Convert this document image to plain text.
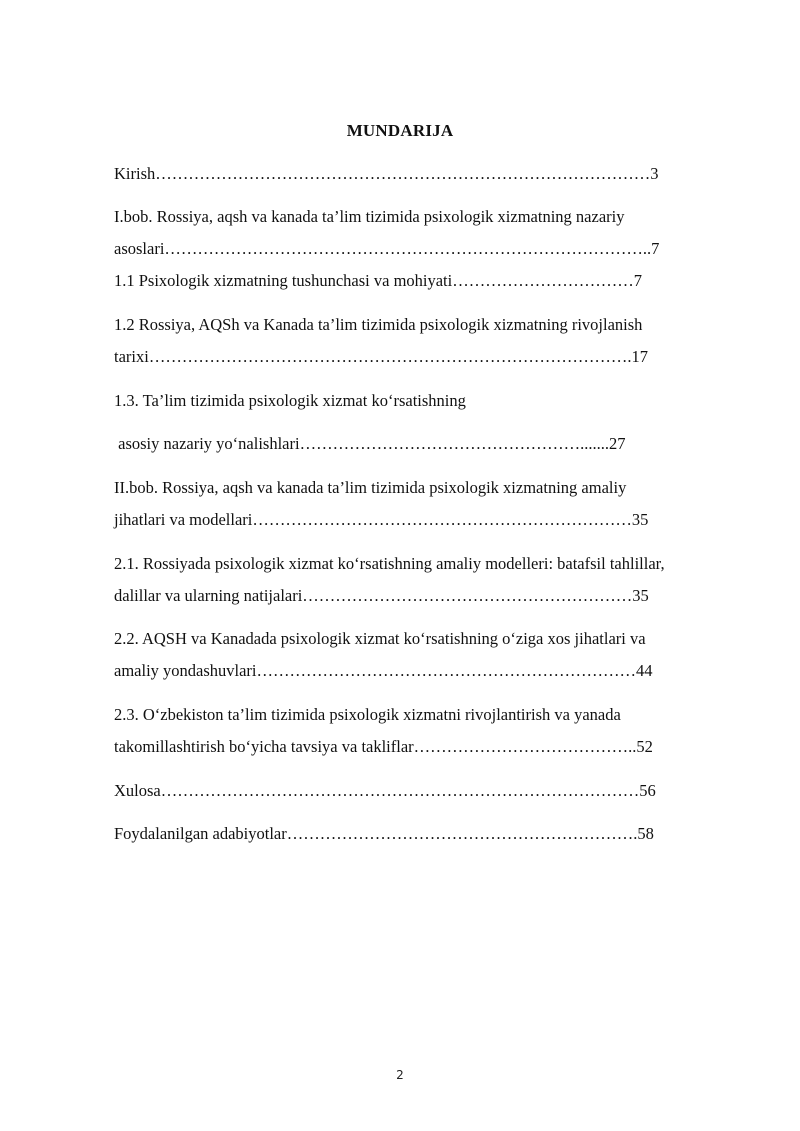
MUNDARIJA
Kirish………………………………………………………………………………3
I.bob. Rossiya, aqsh va kanada ta’lim tizimida psixologik xizmatning nazariy
asoslari……………………………………………………………………………..7
1.1 Psixologik xizmatning tushunchasi va mohiyati……………………………7
1.2 Rossiya, AQSh va Kanada ta’lim tizimida psixologik xizmatning rivojlanish
tarixi…………………………………………………………………………….17
1.3. Ta’lim tizimida psixologik xizmat ko‘rsatishning
asosiy nazariy yo‘nalishlari…………………………………………….......27
II.bob. Rossiya, aqsh va kanada ta’lim tizimida psixologik xizmatning amaliy
jihatlari va modellari……………………………………………………………35
2.1. Rossiyada psixologik xizmat ko‘rsatishning amaliy modelleri: batafsil tahlillar,
dalillar va ularning natijalari……………………………………………………35
2.2. AQSH va Kanadada psixologik xizmat ko‘rsatishning o‘ziga xos jihatlari va
amaliy yondashuvlari……………………………………………………………44
2.3. O‘zbekiston ta’lim tizimida psixologik xizmatni rivojlantirish va yanada
takomillashtirish bo‘yicha tavsiya va takliflar…………………………………..52
Xulosa……………………………………………………………………………56
Foydalanilgan adabiyotlar……………………………………………………….58
2
